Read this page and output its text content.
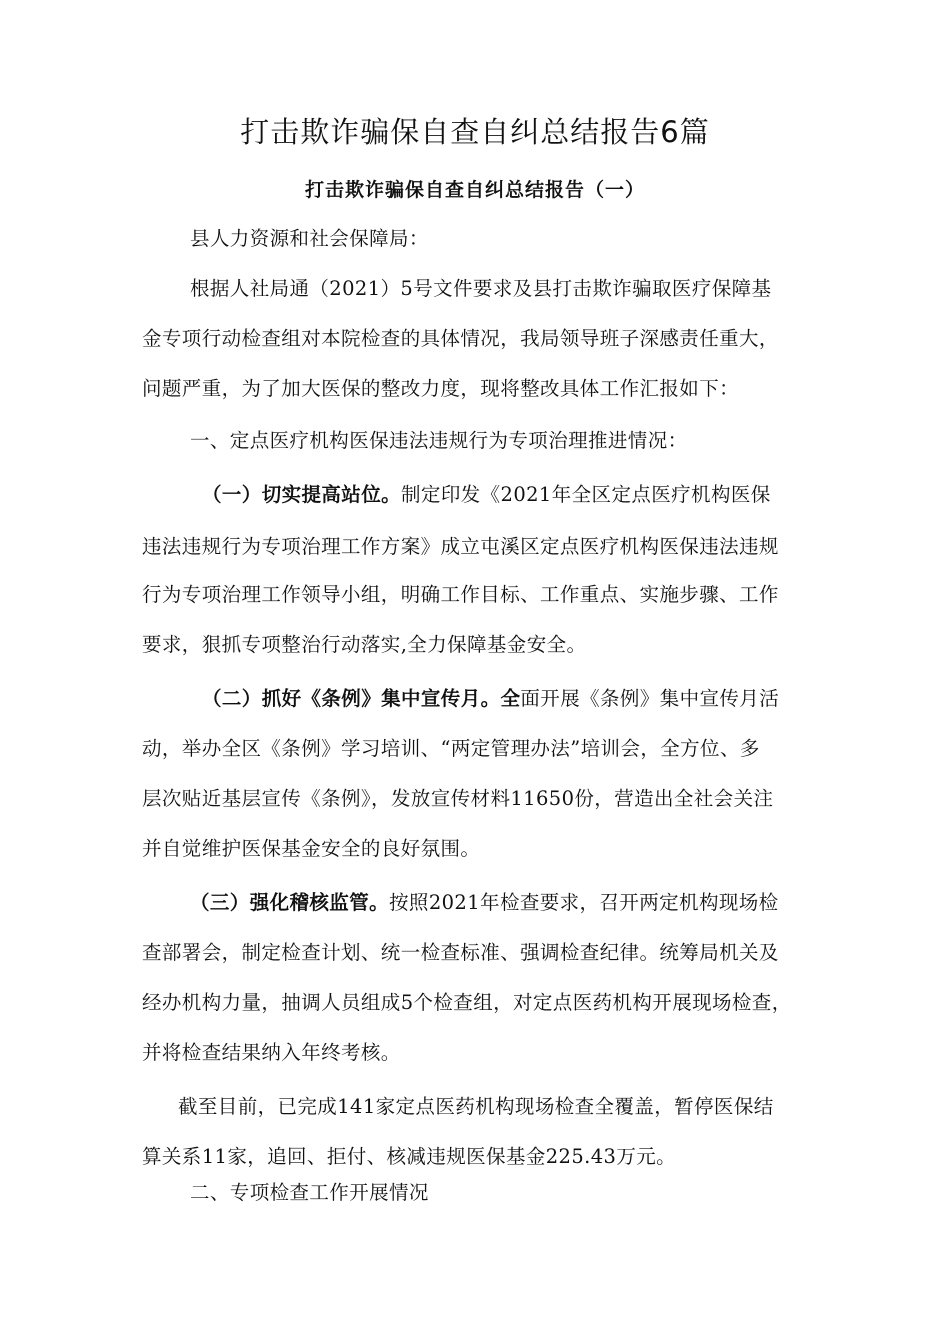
打击欺诈骗保自查自纠总结报告6篇
打击欺诈骗保自查自纠总结报告（一）
县人力资源和社会保障局：
根据人社局通（2021）5号文件要求及县打击欺诈骗取医疗保障基
金专项行动检查组对本院检查的具体情况，我局领导班子深感责任重大，
问题严重，为了加大医保的整改力度，现将整改具体工作汇报如下：
一、定点医疗机构医保违法违规行为专项治理推进情况：
（一）切实提高站位。制定印发《2021年全区定点医疗机构医保
违法违规行为专项治理工作方案》成立屯溪区定点医疗机构医保违法违规
行为专项治理工作领导小组，明确工作目标、工作重点、实施步骤、工作
要求，狠抓专项整治行动落实,全力保障基金安全。
（二）抓好《条例》集中宣传月。全面开展《条例》集中宣传月活
动，举办全区《条例》学习培训、“两定管理办法”培训会，全方位、多
层次贴近基层宣传《条例》，发放宣传材料11650份，营造出全社会关注
并自觉维护医保基金安全的良好氛围。
（三）强化稽核监管。按照2021年检查要求，召开两定机构现场检
查部署会，制定检查计划、统一检查标准、强调检查纪律。统筹局机关及
经办机构力量，抽调人员组成5个检查组，对定点医药机构开展现场检查，
并将检查结果纳入年终考核。
截至目前，已完成141家定点医药机构现场检查全覆盖，暂停医保结
算关系11家，追回、拒付、核减违规医保基金225.43万元。
二、专项检查工作开展情况
